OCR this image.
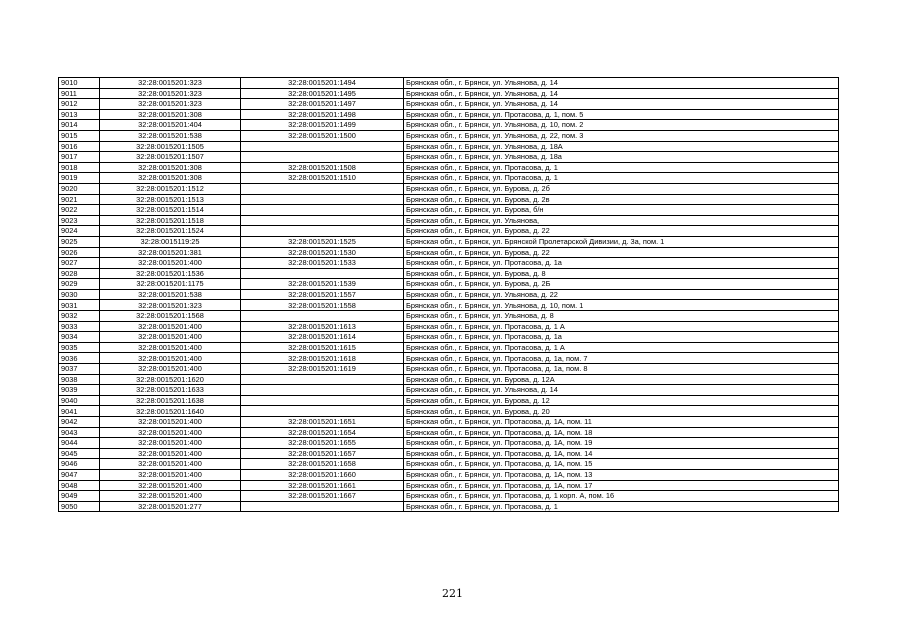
9010	32:28:0015201:323	32:28:0015201:1494	Брянская обл., г. Брянск, ул. Ульянова, д. 14
9011	32:28:0015201:323	32:28:0015201:1495	Брянская обл., г. Брянск, ул. Ульянова, д. 14
9012	32:28:0015201:323	32:28:0015201:1497	Брянская обл., г. Брянск, ул. Ульянова, д. 14
9013	32:28:0015201:308	32:28:0015201:1498	Брянская обл., г. Брянск, ул. Протасова, д. 1, пом. 5
9014	32:28:0015201:404	32:28:0015201:1499	Брянская обл., г. Брянск, ул. Ульянова, д. 10, пом. 2
9015	32:28:0015201:538	32:28:0015201:1500	Брянская обл., г. Брянск, ул. Ульянова, д. 22, пом. 3
9016	32:28:0015201:1505		Брянская обл., г. Брянск, ул. Ульянова, д. 18А
9017	32:28:0015201:1507		Брянская обл., г. Брянск, ул. Ульянова, д. 18а
9018	32:28:0015201:308	32:28:0015201:1508	Брянская обл., г. Брянск, ул. Протасова, д. 1
9019	32:28:0015201:308	32:28:0015201:1510	Брянская обл., г. Брянск, ул. Протасова, д. 1
9020	32:28:0015201:1512		Брянская обл., г. Брянск, ул. Бурова, д. 2б
9021	32:28:0015201:1513		Брянская обл., г. Брянск, ул. Бурова, д. 2в
9022	32:28:0015201:1514		Брянская обл., г. Брянск, ул. Бурова, б/н
9023	32:28:0015201:1518		Брянская обл., г. Брянск, ул. Ульянова,
9024	32:28:0015201:1524		Брянская обл., г. Брянск, ул. Бурова, д. 22
9025	32:28:0015119:25	32:28:0015201:1525	Брянская обл., г. Брянск, ул. Брянской Пролетарской Дивизии, д. 3а, пом. 1
9026	32:28:0015201:381	32:28:0015201:1530	Брянская обл., г. Брянск, ул. Бурова, д. 22
9027	32:28:0015201:400	32:28:0015201:1533	Брянская обл., г. Брянск, ул. Протасова, д. 1а
9028	32:28:0015201:1536		Брянская обл., г. Брянск, ул. Бурова, д. 8
9029	32:28:0015201:1175	32:28:0015201:1539	Брянская обл., г. Брянск, ул. Бурова, д. 2Б
9030	32:28:0015201:538	32:28:0015201:1557	Брянская обл., г. Брянск, ул. Ульянова, д. 22
9031	32:28:0015201:323	32:28:0015201:1558	Брянская обл., г. Брянск, ул. Ульянова, д. 10, пом. 1
9032	32:28:0015201:1568		Брянская обл., г. Брянск, ул. Ульянова, д. 8
9033	32:28:0015201:400	32:28:0015201:1613	Брянская обл., г. Брянск, ул. Протасова, д. 1 А
9034	32:28:0015201:400	32:28:0015201:1614	Брянская обл., г. Брянск, ул. Протасова, д. 1а
9035	32:28:0015201:400	32:28:0015201:1615	Брянская обл., г. Брянск, ул. Протасова, д. 1 А
9036	32:28:0015201:400	32:28:0015201:1618	Брянская обл., г. Брянск, ул. Протасова, д. 1а, пом. 7
9037	32:28:0015201:400	32:28:0015201:1619	Брянская обл., г. Брянск, ул. Протасова, д. 1а, пом. 8
9038	32:28:0015201:1620		Брянская обл., г. Брянск, ул. Бурова, д. 12А
9039	32:28:0015201:1633		Брянская обл., г. Брянск, ул. Ульянова, д. 14
9040	32:28:0015201:1638		Брянская обл., г. Брянск, ул. Бурова, д. 12
9041	32:28:0015201:1640		Брянская обл., г. Брянск, ул. Бурова, д. 20
9042	32:28:0015201:400	32:28:0015201:1651	Брянская обл., г. Брянск, ул. Протасова, д. 1А, пом. 11
9043	32:28:0015201:400	32:28:0015201:1654	Брянская обл., г. Брянск, ул. Протасова, д. 1А, пом. 18
9044	32:28:0015201:400	32:28:0015201:1655	Брянская обл., г. Брянск, ул. Протасова, д. 1А, пом. 19
9045	32:28:0015201:400	32:28:0015201:1657	Брянская обл., г. Брянск, ул. Протасова, д. 1А, пом. 14
9046	32:28:0015201:400	32:28:0015201:1658	Брянская обл., г. Брянск, ул. Протасова, д. 1А, пом. 15
9047	32:28:0015201:400	32:28:0015201:1660	Брянская обл., г. Брянск, ул. Протасова, д. 1А, пом. 13
9048	32:28:0015201:400	32:28:0015201:1661	Брянская обл., г. Брянск, ул. Протасова, д. 1А, пом. 17
9049	32:28:0015201:400	32:28:0015201:1667	Брянская обл., г. Брянск, ул. Протасова, д. 1 корп. А, пом. 16
9050	32:28:0015201:277		Брянская обл., г. Брянск, ул. Протасова, д. 1
221
